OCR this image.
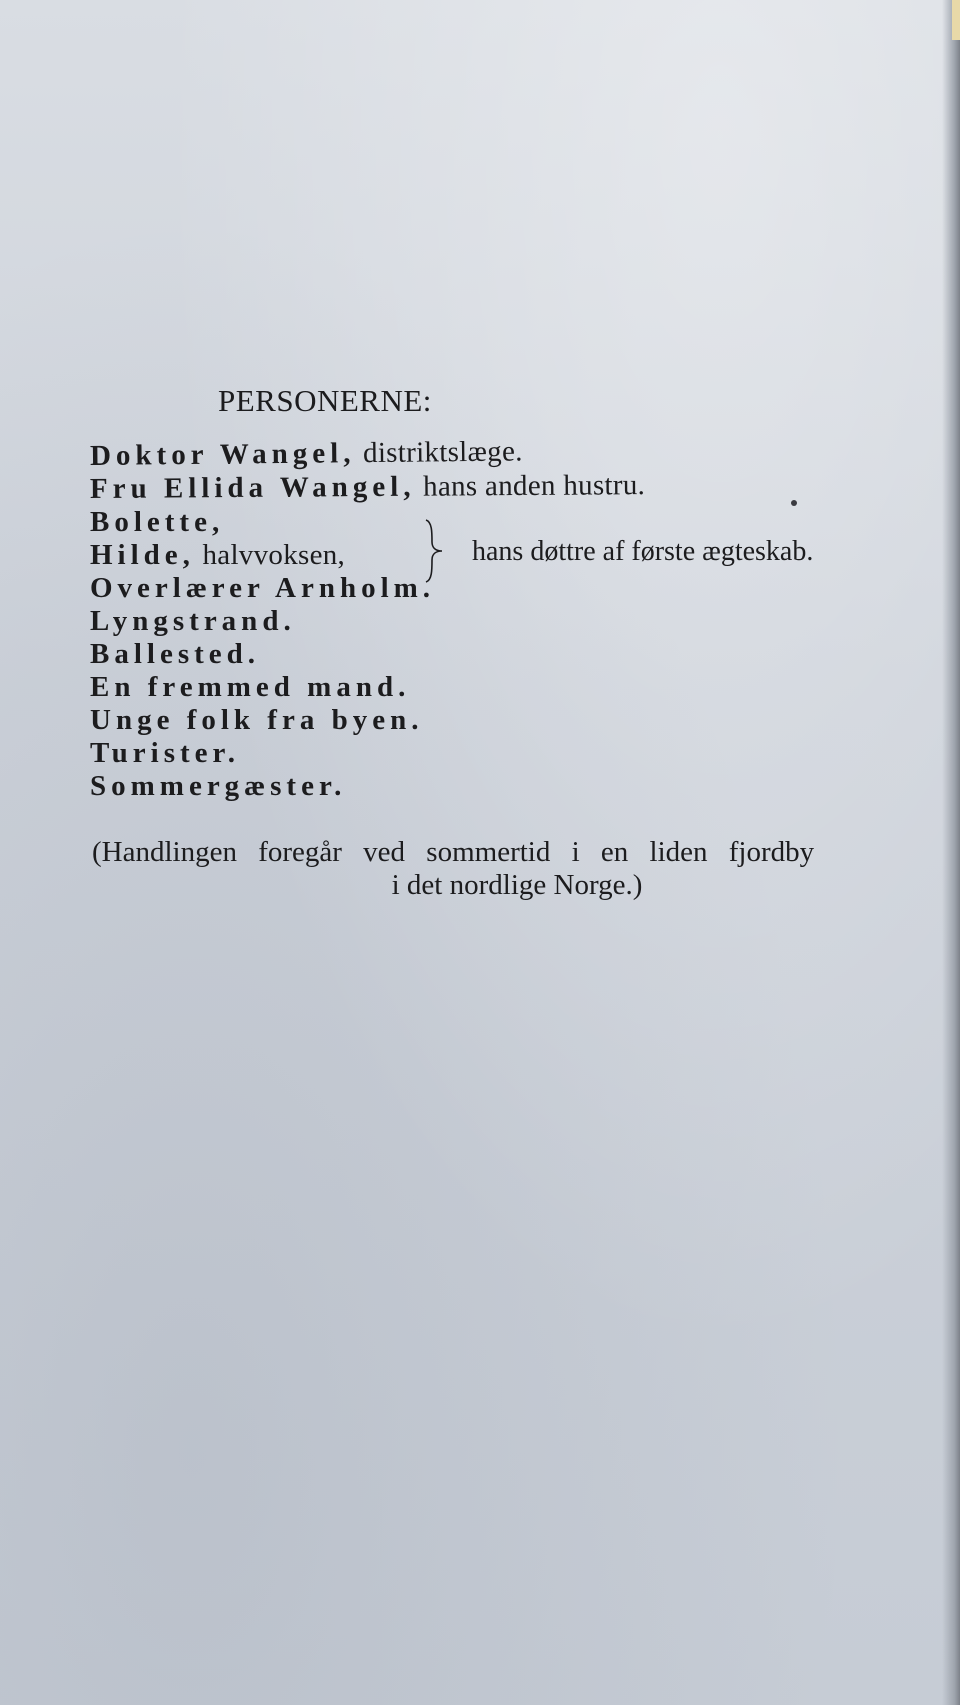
PERSONERNE:
Doktor Wangel, distriktslæge.
Fru Ellida Wangel, hans anden hustru.
Bolette,
Hilde, halvvoksen,
Overlærer Arnholm.
Lyngstrand.
Ballested.
En fremmed mand.
Unge folk fra byen.
Turister.
Sommergæster.
hans døttre af første ægteskab.
(Handlingen foregår ved sommertid i en liden fjordby
i det nordlige Norge.)
